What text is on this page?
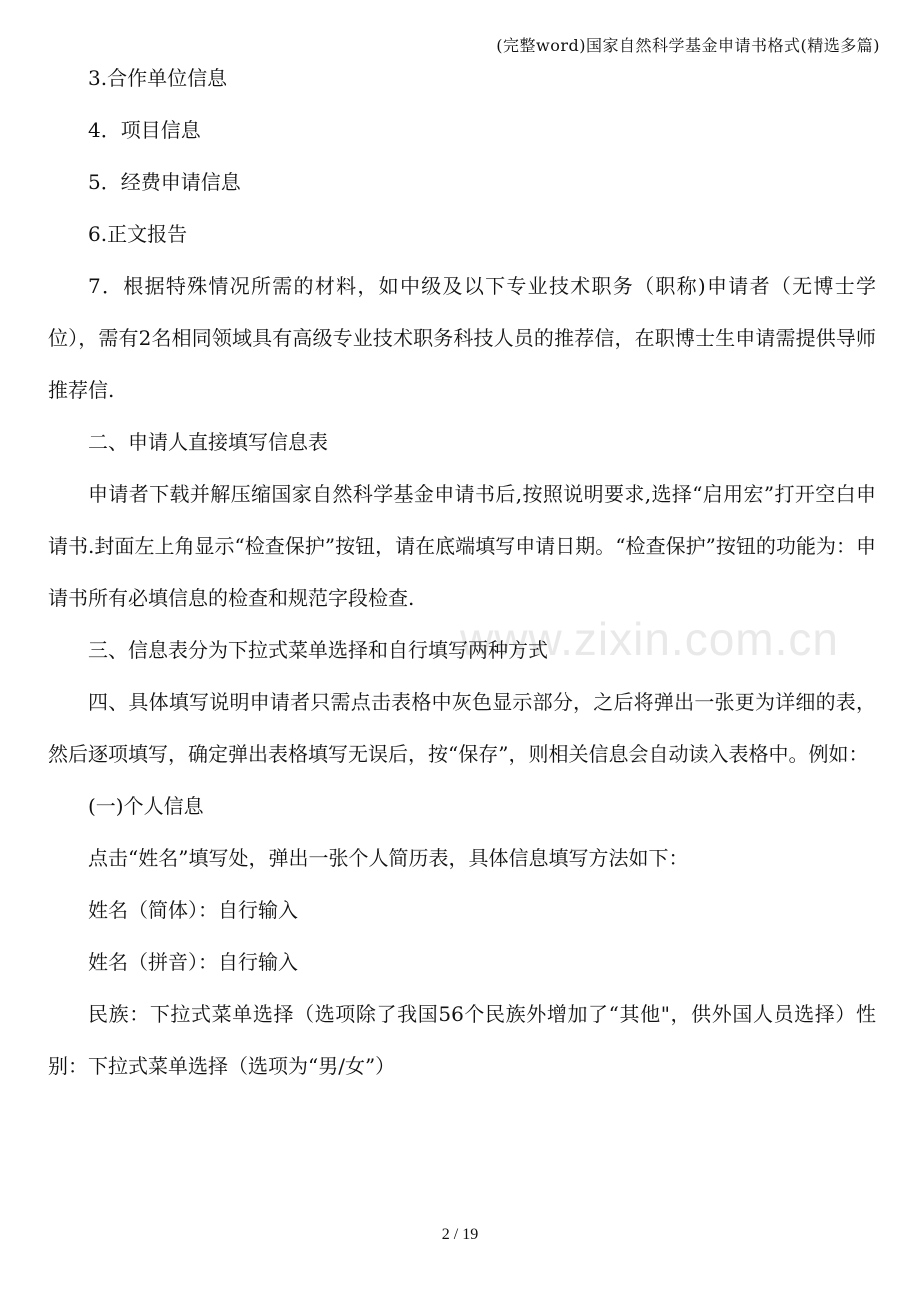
(完整word)国家自然科学基金申请书格式(精选多篇)
www.zixin.com.cn

3.合作单位信息

4．项目信息

5．经费申请信息

6.正文报告

7．根据特殊情况所需的材料，如中级及以下专业技术职务（职称)申请者（无博士学位），需有2名相同领域具有高级专业技术职务科技人员的推荐信，在职博士生申请需提供导师推荐信.

二、申请人直接填写信息表

申请者下载并解压缩国家自然科学基金申请书后,按照说明要求,选择“启用宏”打开空白申请书.封面左上角显示“检查保护”按钮，请在底端填写申请日期。“检查保护”按钮的功能为：申请书所有必填信息的检查和规范字段检查.

三、信息表分为下拉式菜单选择和自行填写两种方式

四、具体填写说明申请者只需点击表格中灰色显示部分，之后将弹出一张更为详细的表，然后逐项填写，确定弹出表格填写无误后，按“保存”，则相关信息会自动读入表格中。例如：

(一)个人信息

点击“姓名”填写处，弹出一张个人简历表，具体信息填写方法如下：

姓名（简体）：自行输入

姓名（拼音）：自行输入

民族：下拉式菜单选择（选项除了我国56个民族外增加了“其他"，供外国人员选择）性别：下拉式菜单选择（选项为“男/女”）

2 / 19
